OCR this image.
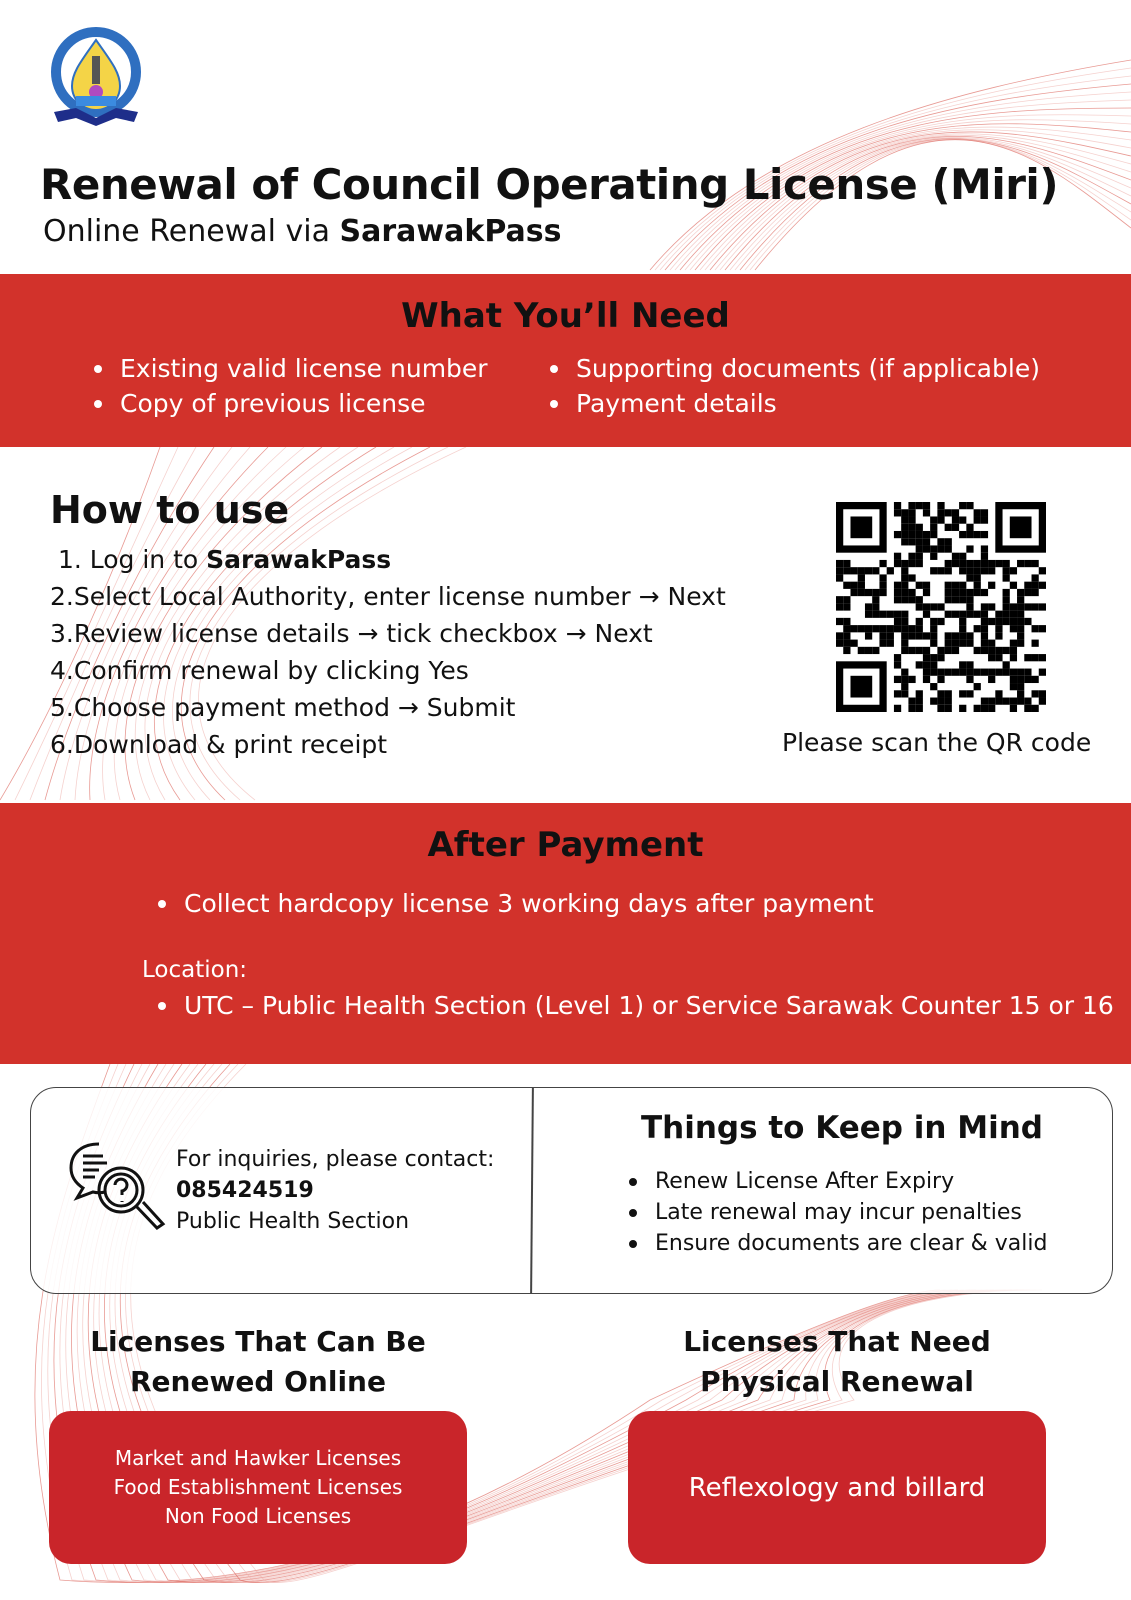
Renewal of Council Operating License (Miri)
Online Renewal via SarawakPass
What You’ll Need
Existing valid license number
Copy of previous license
Supporting documents (if applicable)
Payment details
How to use
1. Log in to SarawakPass
2.Select Local Authority, enter license number → Next
3.Review license details → tick checkbox → Next
4.Confirm renewal by clicking Yes
5.Choose payment method → Submit
6.Download & print receipt	Please scan the QR code
After Payment
Collect hardcopy license 3 working days after payment
Location:
UTC – Public Health Section (Level 1) or Service Sarawak Counter 15 or 16
For inquiries, please contact:
085424519
Public Health Section
Things to Keep in Mind
Renew License After Expiry
Late renewal may incur penalties
Ensure documents are clear & valid
Licenses That Can Be
Renewed Online
Licenses That Need
Physical Renewal
Market and Hawker Licenses
Food Establishment Licenses
Non Food Licenses
Reflexology and billard
